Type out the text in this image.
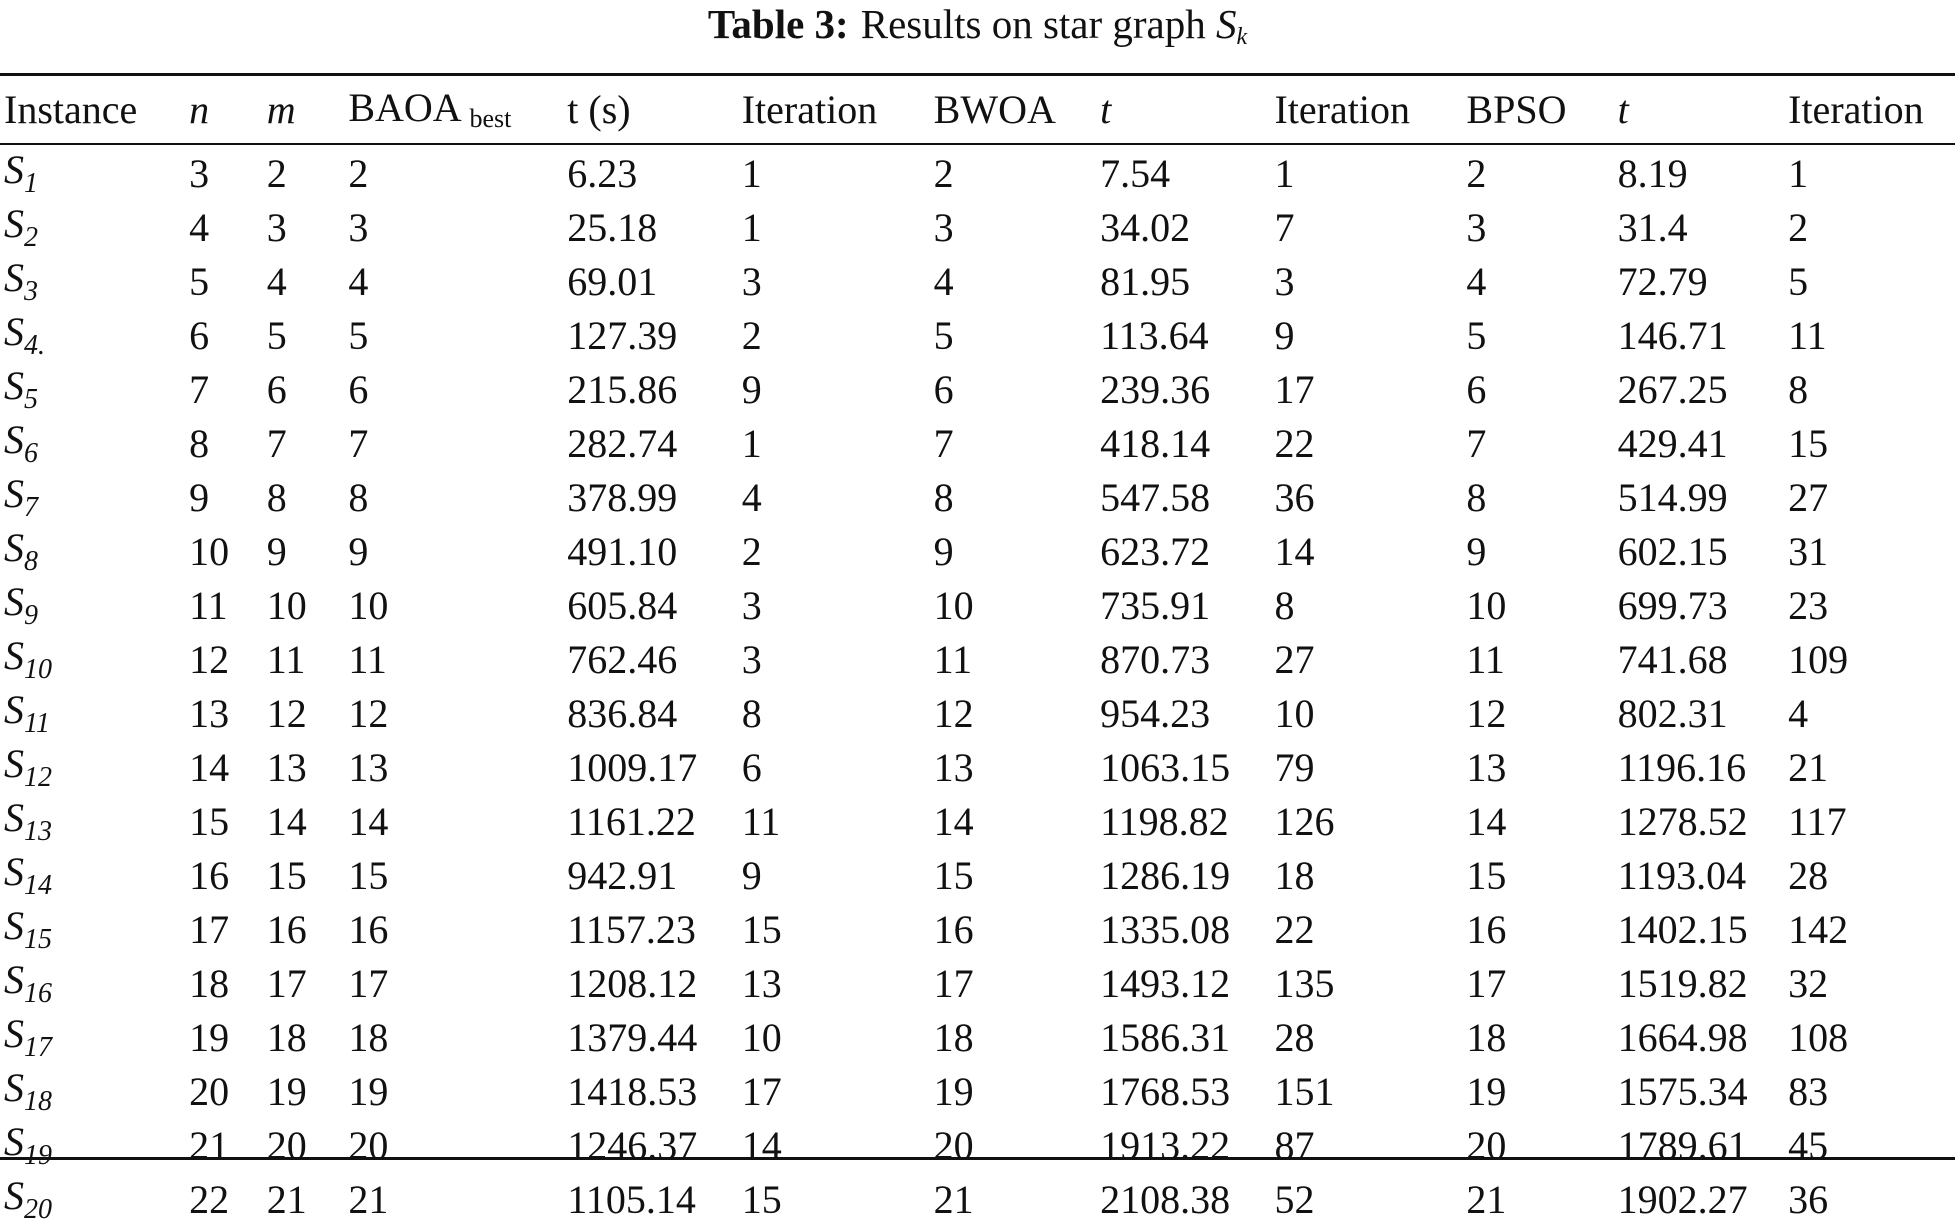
Table 3: Results on star graph Sk
Instance	n	m	BAOA best	t (s)	Iteration	BWOA	t	Iteration	BPSO	t	Iteration

$S_1$	3	2	2	6.23	1	2	7.54	1	2	8.19	1
$S_2$	4	3	3	25.18	1	3	34.02	7	3	31.4	2
$S_3$	5	4	4	69.01	3	4	81.95	3	4	72.79	5
$S_{4.}$	6	5	5	127.39	2	5	113.64	9	5	146.71	11
$S_5$	7	6	6	215.86	9	6	239.36	17	6	267.25	8
$S_6$	8	7	7	282.74	1	7	418.14	22	7	429.41	15
$S_7$	9	8	8	378.99	4	8	547.58	36	8	514.99	27
$S_8$	10	9	9	491.10	2	9	623.72	14	9	602.15	31
$S_9$	11	10	10	605.84	3	10	735.91	8	10	699.73	23
$S_{10}$	12	11	11	762.46	3	11	870.73	27	11	741.68	109
$S_{11}$	13	12	12	836.84	8	12	954.23	10	12	802.31	4
$S_{12}$	14	13	13	1009.17	6	13	1063.15	79	13	1196.16	21
$S_{13}$	15	14	14	1161.22	11	14	1198.82	126	14	1278.52	117
$S_{14}$	16	15	15	942.91	9	15	1286.19	18	15	1193.04	28
$S_{15}$	17	16	16	1157.23	15	16	1335.08	22	16	1402.15	142
$S_{16}$	18	17	17	1208.12	13	17	1493.12	135	17	1519.82	32
$S_{17}$	19	18	18	1379.44	10	18	1586.31	28	18	1664.98	108
$S_{18}$	20	19	19	1418.53	17	19	1768.53	151	19	1575.34	83
$S_{19}$	21	20	20	1246.37	14	20	1913.22	87	20	1789.61	45
$S_{20}$	22	21	21	1105.14	15	21	2108.38	52	21	1902.27	36
